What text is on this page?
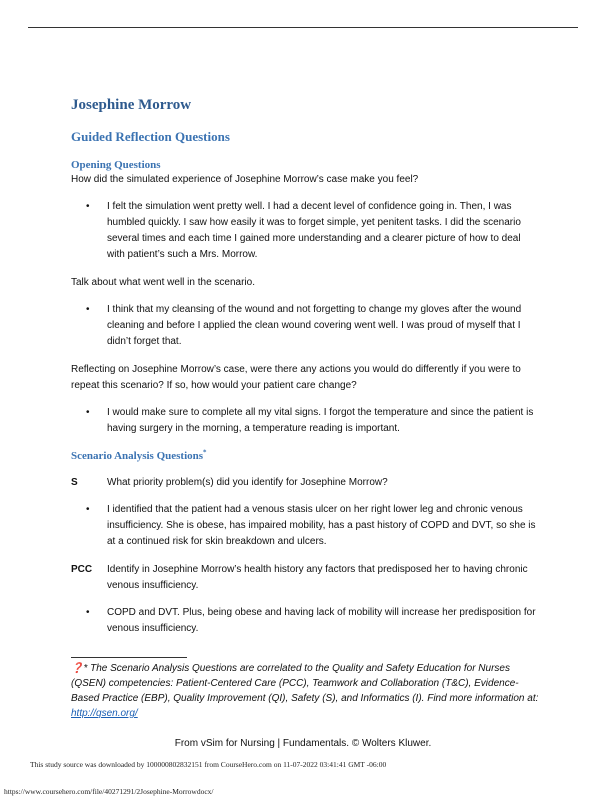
Josephine Morrow
Guided Reflection Questions
Opening Questions

How did the simulated experience of Josephine Morrow’s case make you feel?

• I felt the simulation went pretty well. I had a decent level of confidence going in. Then, I was humbled quickly. I saw how easily it was to forget simple, yet penitent tasks. I did the scenario several times and each time I gained more understanding and a clearer picture of how to deal with patient’s such a Mrs. Morrow.

Talk about what went well in the scenario.

• I think that my cleansing of the wound and not forgetting to change my gloves after the wound cleaning and before I applied the clean wound covering went well. I was proud of myself that I didn’t forget that.

Reflecting on Josephine Morrow’s case, were there any actions you would do differently if you were to repeat this scenario? If so, how would your patient care change?

• I would make sure to complete all my vital signs. I forgot the temperature and since the patient is having surgery in the morning, a temperature reading is important.

Scenario Analysis Questions*
S	What priority problem(s) did you identify for Josephine Morrow?

• I identified that the patient had a venous stasis ulcer on her right lower leg and chronic venous insufficiency. She is obese, has impaired mobility, has a past history of COPD and DVT, so she is at a continued risk for skin breakdown and ulcers.

PCC Identify in Josephine Morrow’s health history any factors that predisposed her to having chronic venous insufficiency.

• COPD and DVT. Plus, being obese and having lack of mobility will increase her predisposition for venous insufficiency.

❓* The Scenario Analysis Questions are correlated to the Quality and Safety Education for Nurses (QSEN) competencies: Patient-Centered Care (PCC), Teamwork and Collaboration (T&C), Evidence-Based Practice (EBP), Quality Improvement (QI), Safety (S), and Informatics (I). Find more information at:
http://qsen.org/
From vSim for Nursing | Fundamentals. © Wolters Kluwer.
This study source was downloaded by 100000802832151 from CourseHero.com on 11-07-2022 03:41:41 GMT -06:00
https://www.coursehero.com/file/40271291/2Josephine-Morrowdocx/
